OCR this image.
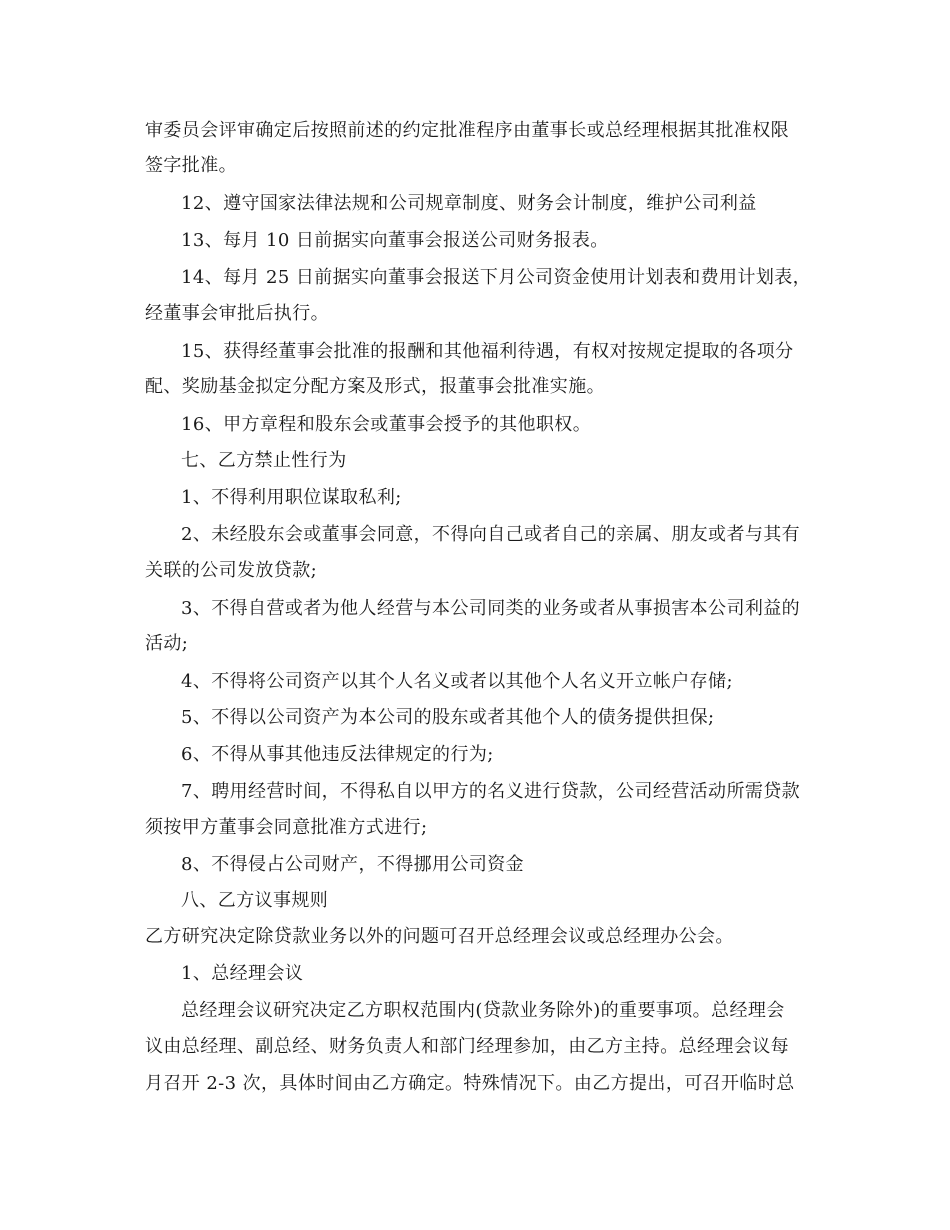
审委员会评审确定后按照前述的约定批准程序由董事长或总经理根据其批准权限

签字批准。

12、遵守国家法律法规和公司规章制度、财务会计制度，维护公司利益

13、每月 10 日前据实向董事会报送公司财务报表。

14、每月 25 日前据实向董事会报送下月公司资金使用计划表和费用计划表，

经董事会审批后执行。

15、获得经董事会批准的报酬和其他福利待遇，有权对按规定提取的各项分

配、奖励基金拟定分配方案及形式，报董事会批准实施。

16、甲方章程和股东会或董事会授予的其他职权。

七、乙方禁止性行为

1、不得利用职位谋取私利;

2、未经股东会或董事会同意，不得向自己或者自己的亲属、朋友或者与其有

关联的公司发放贷款;

3、不得自营或者为他人经营与本公司同类的业务或者从事损害本公司利益的

活动;

4、不得将公司资产以其个人名义或者以其他个人名义开立帐户存储;

5、不得以公司资产为本公司的股东或者其他个人的债务提供担保;

6、不得从事其他违反法律规定的行为;

7、聘用经营时间，不得私自以甲方的名义进行贷款，公司经营活动所需贷款

须按甲方董事会同意批准方式进行;

8、不得侵占公司财产，不得挪用公司资金

八、乙方议事规则

乙方研究决定除贷款业务以外的问题可召开总经理会议或总经理办公会。

1、总经理会议

总经理会议研究决定乙方职权范围内(贷款业务除外)的重要事项。总经理会

议由总经理、副总经、财务负责人和部门经理参加，由乙方主持。总经理会议每

月召开 2-3 次，具体时间由乙方确定。特殊情况下。由乙方提出，可召开临时总
